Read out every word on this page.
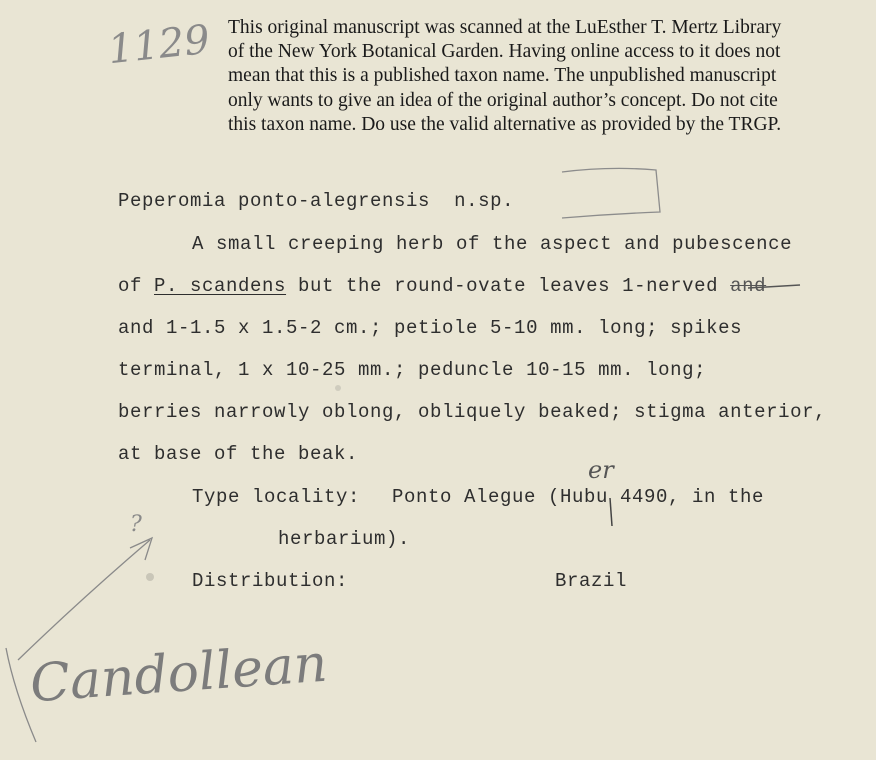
This original manuscript was scanned at the LuEsther T. Mertz Library

of the New York Botanical Garden. Having online access to it does not

mean that this is a published taxon name. The unpublished manuscript

only wants to give an idea of the original author’s concept. Do not cite

this taxon name. Do use the valid alternative as provided by the TRGP.

1129
Peperomia ponto-alegrensis n.sp.
A small creeping herb of the aspect and pubescence
of P. scandens but the round-ovate leaves 1-nerved and
and 1-1.5 x 1.5-2 cm.; petiole 5-10 mm. long; spikes
terminal, 1 x 10-25 mm.; peduncle 10-15 mm. long;
berries narrowly oblong, obliquely beaked; stigma anterior,
at base of the beak.
er
Type locality: Ponto Alegue (Hubu 4490, in the
herbarium).
?
Distribution:	Brazil
Candollean
